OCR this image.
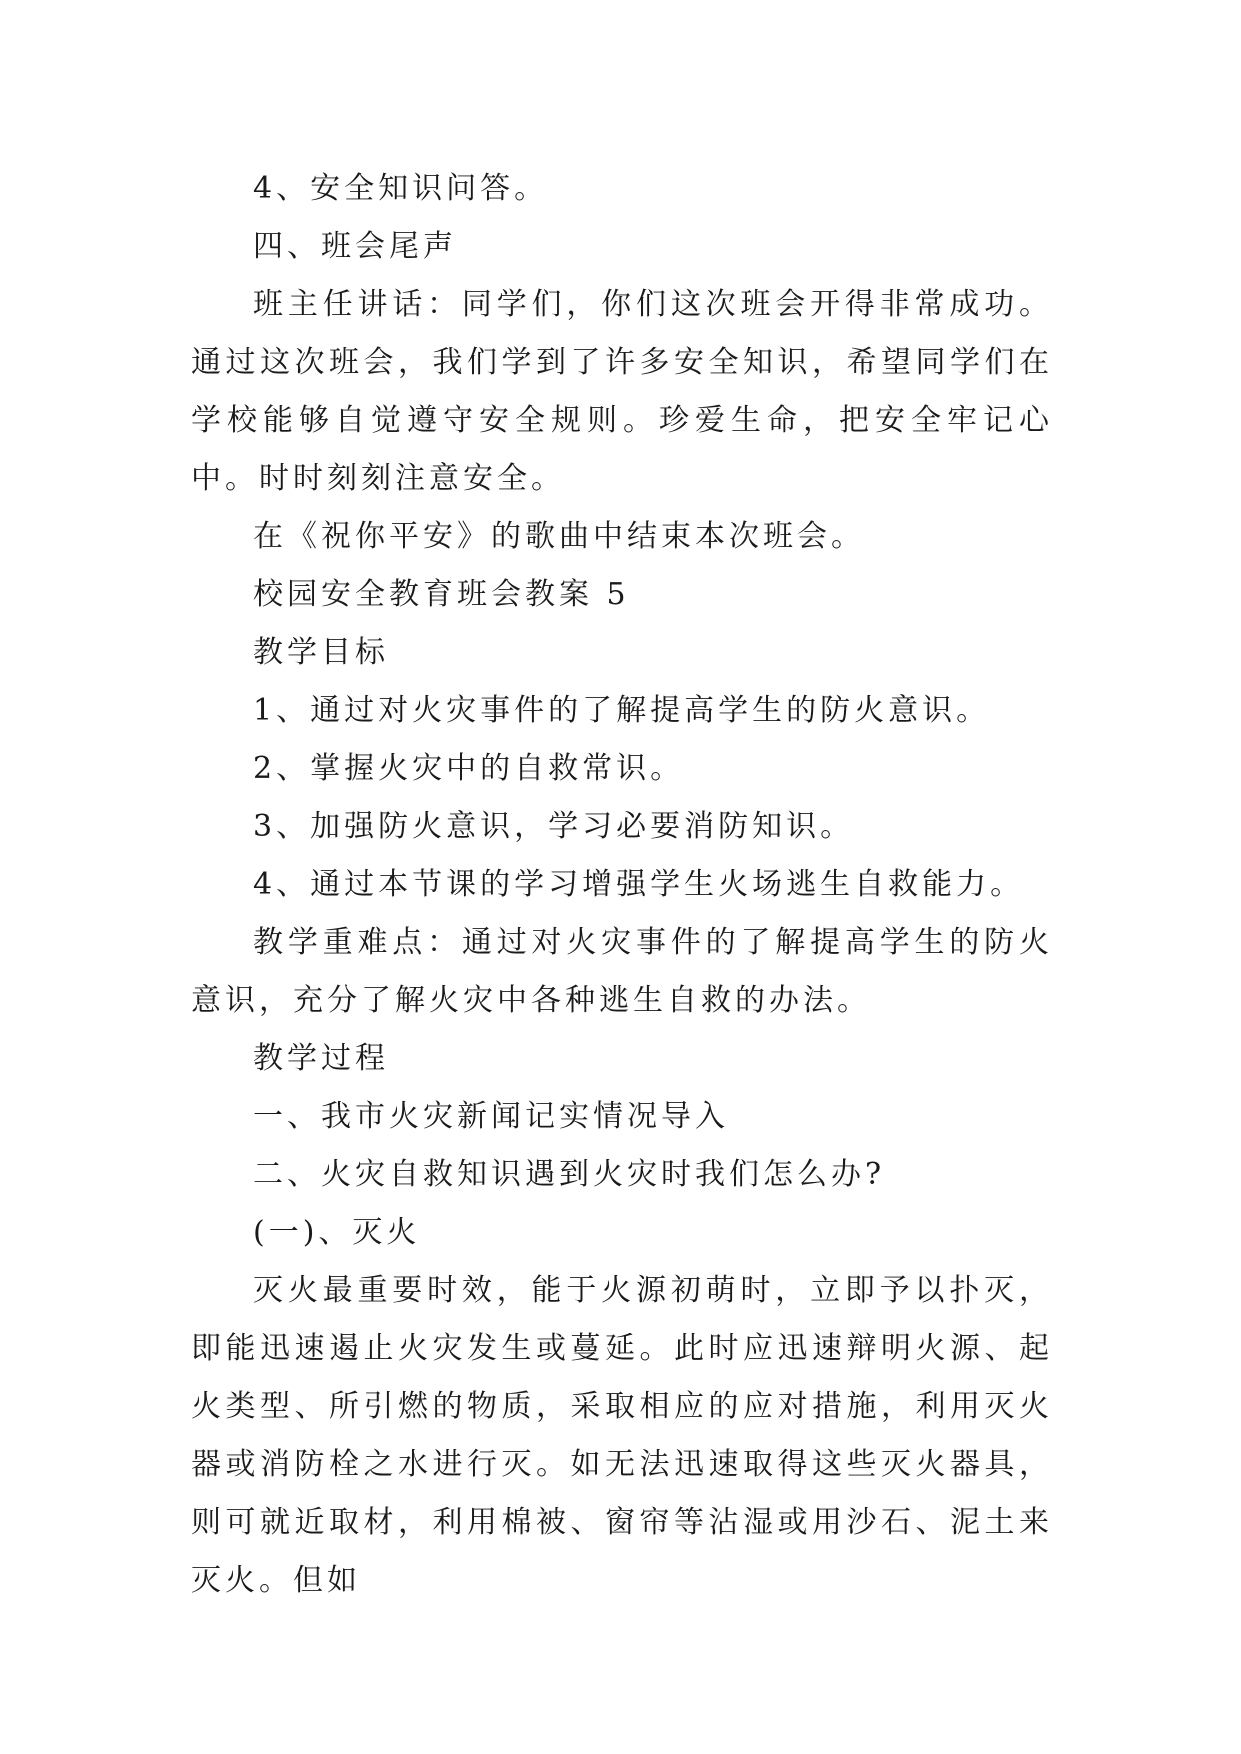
4、安全知识问答。

四、班会尾声

班主任讲话：同学们，你们这次班会开得非常成功。通过这次班会，我们学到了许多安全知识，希望同学们在学校能够自觉遵守安全规则。珍爱生命，把安全牢记心中。时时刻刻注意安全。

在《祝你平安》的歌曲中结束本次班会。

校园安全教育班会教案 5

教学目标

1、通过对火灾事件的了解提高学生的防火意识。

2、掌握火灾中的自救常识。

3、加强防火意识，学习必要消防知识。

4、通过本节课的学习增强学生火场逃生自救能力。

教学重难点：通过对火灾事件的了解提高学生的防火意识，充分了解火灾中各种逃生自救的办法。

教学过程

一、我市火灾新闻记实情况导入

二、火灾自救知识遇到火灾时我们怎么办?

(一)、灭火

灭火最重要时效，能于火源初萌时，立即予以扑灭，即能迅速遏止火灾发生或蔓延。此时应迅速辩明火源、起火类型、所引燃的物质，采取相应的应对措施，利用灭火器或消防栓之水进行灭。如无法迅速取得这些灭火器具，则可就近取材，利用棉被、窗帘等沾湿或用沙石、泥土来灭火。但如
